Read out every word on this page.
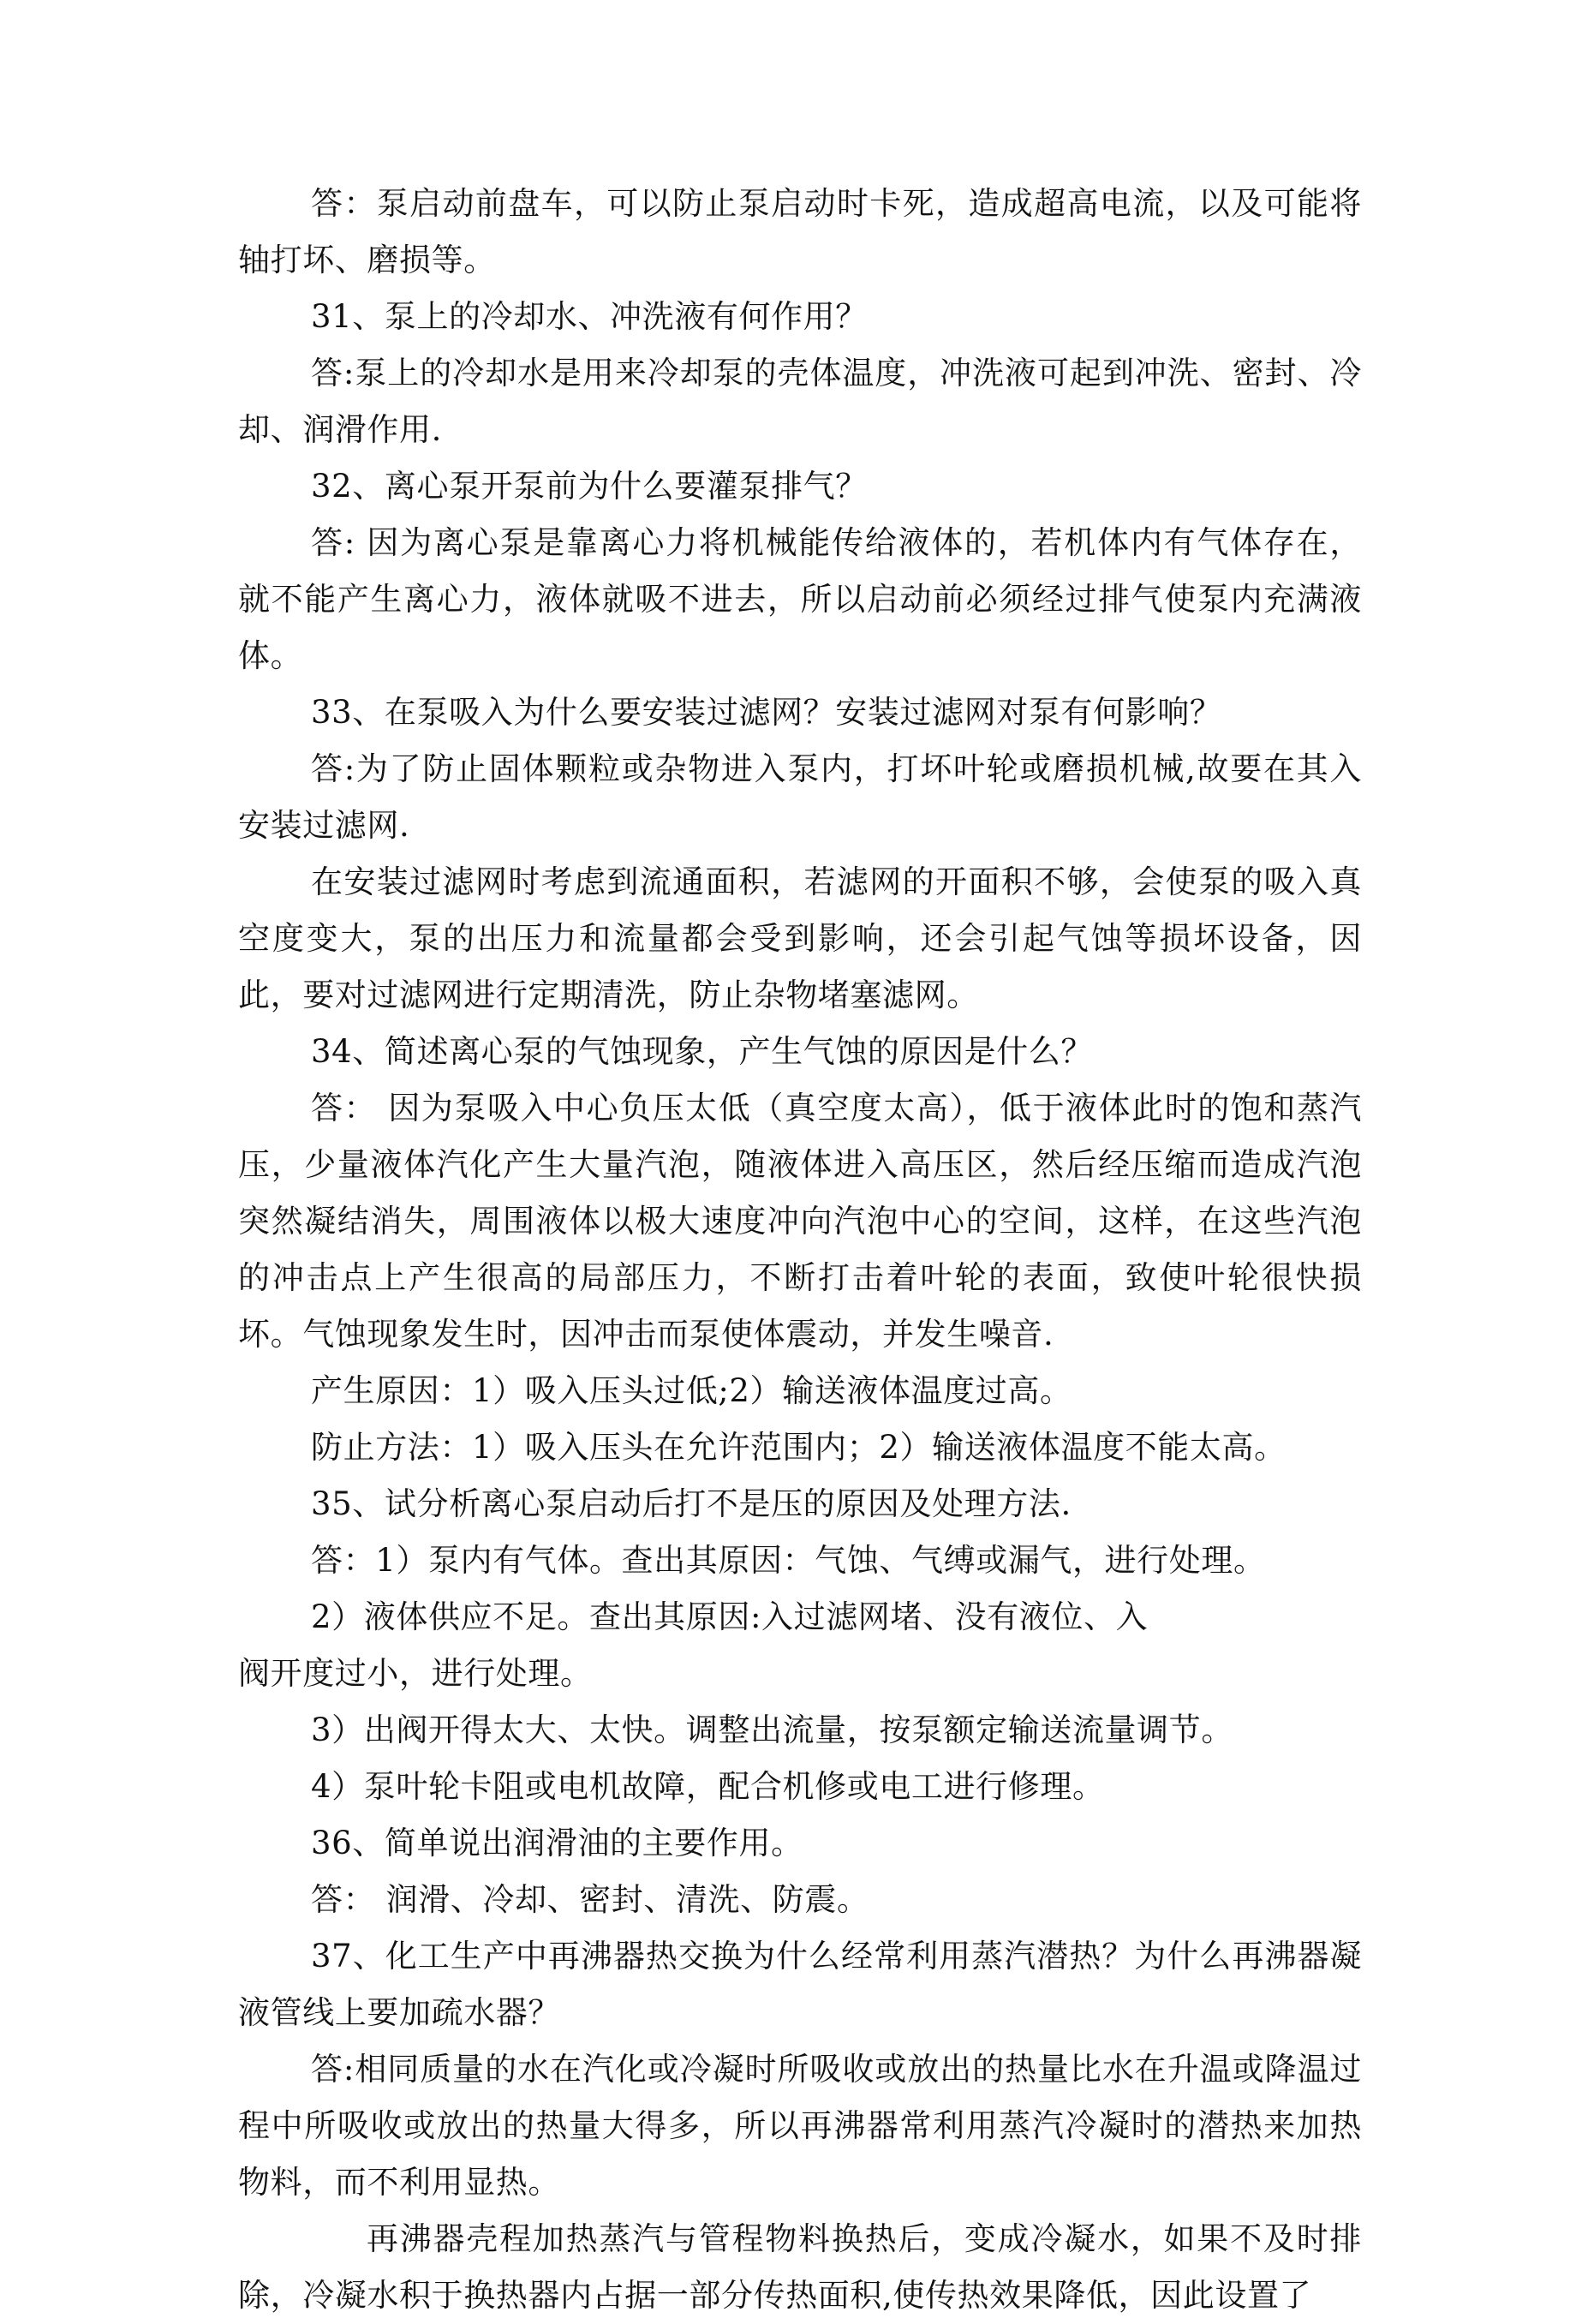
答：泵启动前盘车，可以防止泵启动时卡死，造成超高电流，以及可能将轴打坏、磨损等。

31、泵上的冷却水、冲洗液有何作用？

答:泵上的冷却水是用来冷却泵的壳体温度，冲洗液可起到冲洗、密封、冷却、润滑作用.

32、离心泵开泵前为什么要灌泵排气？

答: 因为离心泵是靠离心力将机械能传给液体的，若机体内有气体存在，就不能产生离心力，液体就吸不进去，所以启动前必须经过排气使泵内充满液体。

33、在泵吸入为什么要安装过滤网？安装过滤网对泵有何影响？

答:为了防止固体颗粒或杂物进入泵内，打坏叶轮或磨损机械,故要在其入安装过滤网.

在安装过滤网时考虑到流通面积，若滤网的开面积不够，会使泵的吸入真空度变大，泵的出压力和流量都会受到影响，还会引起气蚀等损坏设备，因此，要对过滤网进行定期清洗，防止杂物堵塞滤网。

34、简述离心泵的气蚀现象，产生气蚀的原因是什么？

答： 因为泵吸入中心负压太低（真空度太高），低于液体此时的饱和蒸汽压，少量液体汽化产生大量汽泡，随液体进入高压区，然后经压缩而造成汽泡突然凝结消失，周围液体以极大速度冲向汽泡中心的空间，这样，在这些汽泡的冲击点上产生很高的局部压力，不断打击着叶轮的表面，致使叶轮很快损坏。气蚀现象发生时，因冲击而泵使体震动，并发生噪音.

产生原因：1）吸入压头过低;2）输送液体温度过高。

防止方法：1）吸入压头在允许范围内；2）输送液体温度不能太高。

35、试分析离心泵启动后打不是压的原因及处理方法.

答：1）泵内有气体。查出其原因：气蚀、气缚或漏气，进行处理。

2）液体供应不足。查出其原因:入过滤网堵、没有液位、入
阀开度过小，进行处理。

3）出阀开得太大、太快。调整出流量，按泵额定输送流量调节。

4）泵叶轮卡阻或电机故障，配合机修或电工进行修理。

36、简单说出润滑油的主要作用。

答： 润滑、冷却、密封、清洗、防震。

37、化工生产中再沸器热交换为什么经常利用蒸汽潜热？为什么再沸器凝液管线上要加疏水器？

答:相同质量的水在汽化或冷凝时所吸收或放出的热量比水在升温或降温过程中所吸收或放出的热量大得多，所以再沸器常利用蒸汽冷凝时的潜热来加热物料，而不利用显热。

再沸器壳程加热蒸汽与管程物料换热后，变成冷凝水，如果不及时排除，冷凝水积于换热器内占据一部分传热面积,使传热效果降低，因此设置了
